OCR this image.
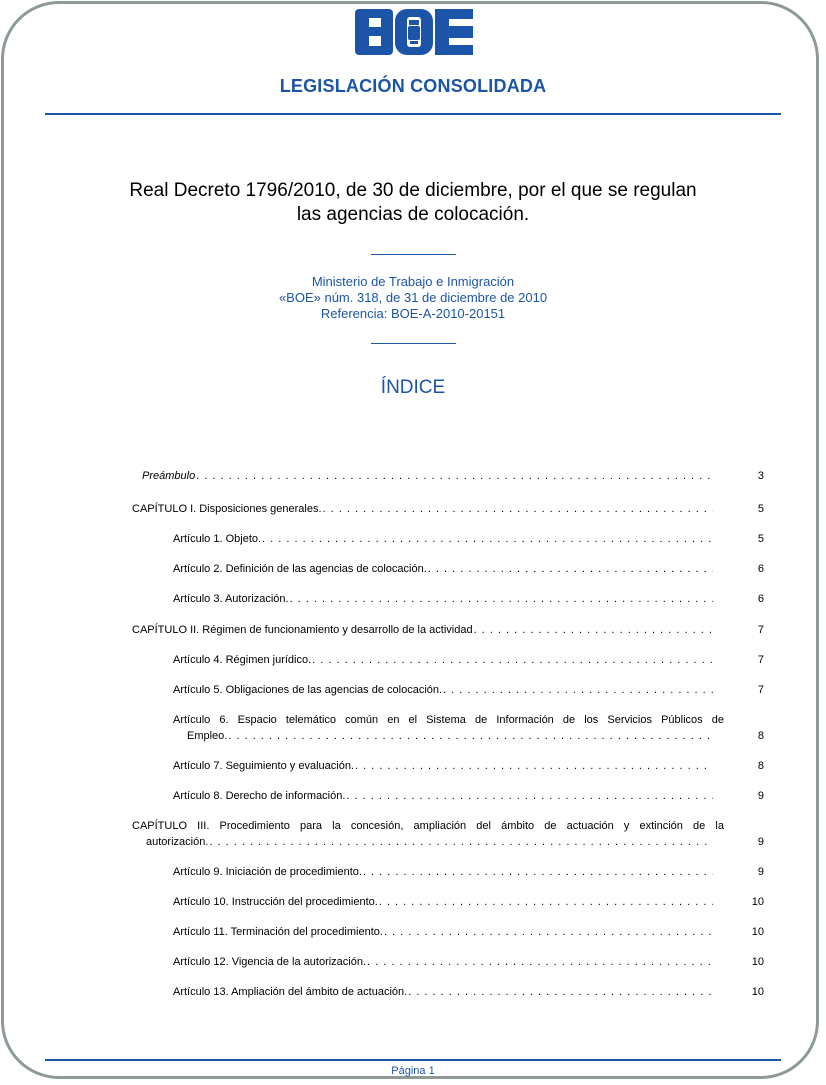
LEGISLACIÓN CONSOLIDADA
Real Decreto 1796/2010, de 30 de diciembre, por el que se regulan
las agencias de colocación.
Ministerio de Trabajo e Inmigración
«BOE» núm. 318, de 31 de diciembre de 2010
Referencia: BOE-A-2010-20151
ÍNDICE
Preámbulo . . .	3
CAPÍTULO I. Disposiciones generales. . . .	5
Artículo 1. Objeto. . . .	5
Artículo 2. Definición de las agencias de colocación. . . .	6
Artículo 3. Autorización. . . .	6
CAPÍTULO II. Régimen de funcionamiento y desarrollo de la actividad . . .	7
Artículo 4. Régimen jurídico. . . .	7
Artículo 5. Obligaciones de las agencias de colocación. . . .	7
Artículo 6. Espacio telemático común en el Sistema de Información de los Servicios Públicos de
Empleo. . . .	8
Artículo 7. Seguimiento y evaluación. . . .	8
Artículo 8. Derecho de información. . . .	9
CAPÍTULO III. Procedimiento para la concesión, ampliación del ámbito de actuación y extinción de la
autorización. . . .	9
Artículo 9. Iniciación de procedimiento. . . .	9
Artículo 10. Instrucción del procedimiento. . . .	10
Artículo 11. Terminación del procedimiento. . . .	10
Artículo 12. Vigencia de la autorización. . . .	10
Artículo 13. Ampliación del ámbito de actuación. . . .	10
Página 1
